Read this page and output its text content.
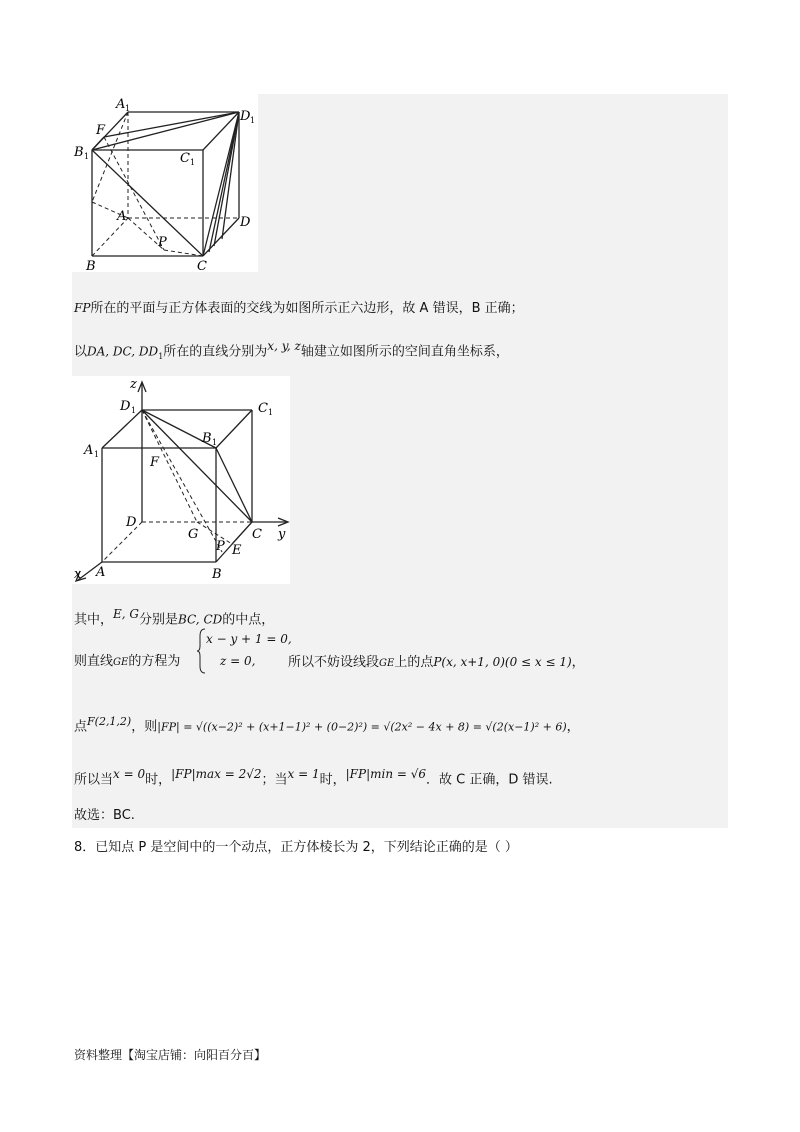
A 1
D 1
F
B 1	C 1
A	D
P
B	C
FP所在的平面与正方体表面的交线为如图所示正六边形，故 A 错误，B 正确；
以DA, DC, $DD_1$所在的直线分别为x, y, z轴建立如图所示的空间直角坐标系，
z
D 1	C 1
B 1
A 1
F
D
G	C y
P E
x A	B
其中，E, G分别是BC, CD的中点，
则直线GE的方程为
x − y + 1 = 0,
z = 0,	所以不妨设线段GE上的点P(x, x+1, 0)(0 ≤ x ≤ 1)，
点$^{F(2,1,2)}$，则|FP| = √((x−2)² + (x+1−1)² + (0−2)²) = √(2x² − 4x + 8) = √(2(x−1)² + 6)，
所以当x = 0时，|FP|max = 2√2；当x = 1时，|FP|min = √6．故 C 正确，D 错误.
故选：BC.
8．已知点 P 是空间中的一个动点，正方体棱长为 2，下列结论正确的是（ ）
资料整理【淘宝店铺：向阳百分百】
